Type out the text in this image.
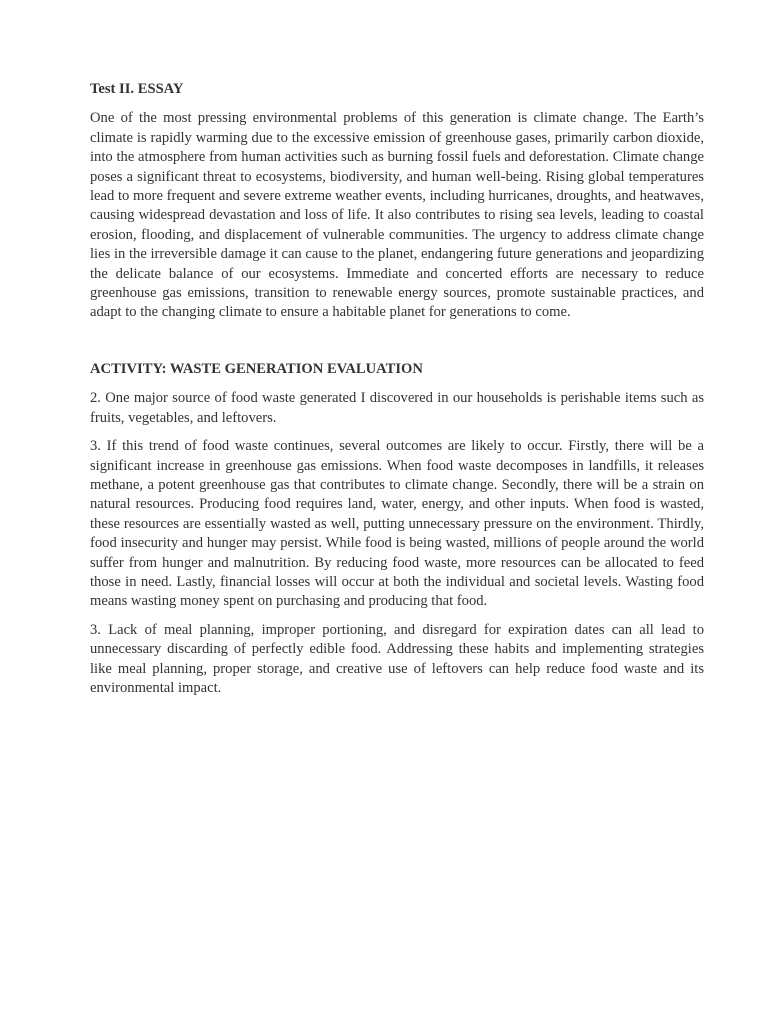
Test II. ESSAY

One of the most pressing environmental problems of this generation is climate change. The Earth’s climate is rapidly warming due to the excessive emission of greenhouse gases, primarily carbon dioxide, into the atmosphere from human activities such as burning fossil fuels and deforestation. Climate change poses a significant threat to ecosystems, biodiversity, and human well-being. Rising global temperatures lead to more frequent and severe extreme weather events, including hurricanes, droughts, and heatwaves, causing widespread devastation and loss of life. It also contributes to rising sea levels, leading to coastal erosion, flooding, and displacement of vulnerable communities. The urgency to address climate change lies in the irreversible damage it can cause to the planet, endangering future generations and jeopardizing the delicate balance of our ecosystems. Immediate and concerted efforts are necessary to reduce greenhouse gas emissions, transition to renewable energy sources, promote sustainable practices, and adapt to the changing climate to ensure a habitable planet for generations to come.

ACTIVITY: WASTE GENERATION EVALUATION

2. One major source of food waste generated I discovered in our households is perishable items such as fruits, vegetables, and leftovers.

3. If this trend of food waste continues, several outcomes are likely to occur. Firstly, there will be a significant increase in greenhouse gas emissions. When food waste decomposes in landfills, it releases methane, a potent greenhouse gas that contributes to climate change. Secondly, there will be a strain on natural resources. Producing food requires land, water, energy, and other inputs. When food is wasted, these resources are essentially wasted as well, putting unnecessary pressure on the environment. Thirdly, food insecurity and hunger may persist. While food is being wasted, millions of people around the world suffer from hunger and malnutrition. By reducing food waste, more resources can be allocated to feed those in need. Lastly, financial losses will occur at both the individual and societal levels. Wasting food means wasting money spent on purchasing and producing that food.

3. Lack of meal planning, improper portioning, and disregard for expiration dates can all lead to unnecessary discarding of perfectly edible food. Addressing these habits and implementing strategies like meal planning, proper storage, and creative use of leftovers can help reduce food waste and its environmental impact.
